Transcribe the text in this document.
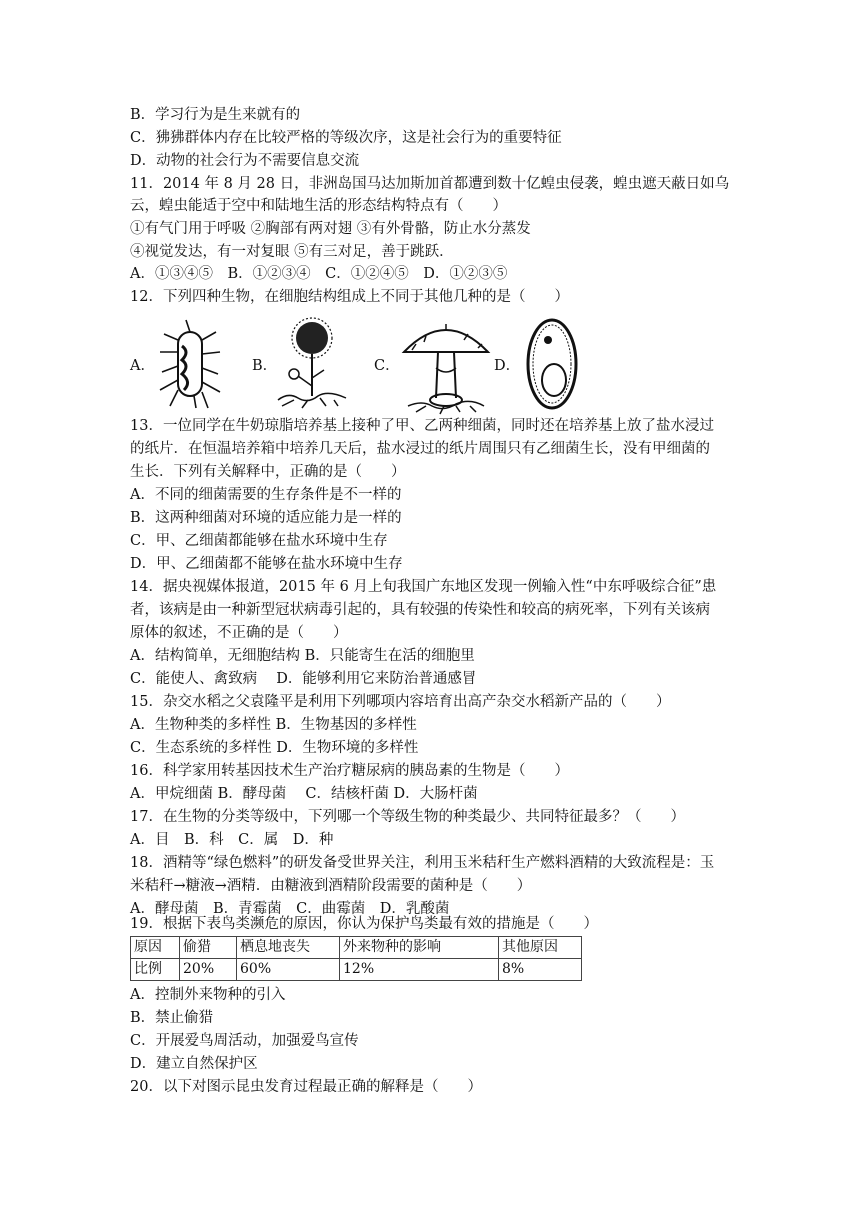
B．学习行为是生来就有的
C．狒狒群体内存在比较严格的等级次序，这是社会行为的重要特征
D．动物的社会行为不需要信息交流
11．2014 年 8 月 28 日，非洲岛国马达加斯加首都遭到数十亿蝗虫侵袭，蝗虫遮天蔽日如乌
云，蝗虫能适于空中和陆地生活的形态结构特点有（　　）
①有气门用于呼吸 ②胸部有两对翅 ③有外骨骼，防止水分蒸发
④视觉发达，有一对复眼 ⑤有三对足，善于跳跃．
A．①③④⑤　B．①②③④　C．①②④⑤　D．①②③⑤
12．下列四种生物，在细胞结构组成上不同于其他几种的是（　　）
A．	B．	C．	D．
13．一位同学在牛奶琼脂培养基上接种了甲、乙两种细菌，同时还在培养基上放了盐水浸过
的纸片．在恒温培养箱中培养几天后，盐水浸过的纸片周围只有乙细菌生长，没有甲细菌的
生长．下列有关解释中，正确的是（　　）
A．不同的细菌需要的生存条件是不一样的
B．这两种细菌对环境的适应能力是一样的
C．甲、乙细菌都能够在盐水环境中生存
D．甲、乙细菌都不能够在盐水环境中生存
14．据央视媒体报道，2015 年 6 月上旬我国广东地区发现一例输入性“中东呼吸综合征”患
者，该病是由一种新型冠状病毒引起的，具有较强的传染性和较高的病死率，下列有关该病
原体的叙述，不正确的是（　　）
A．结构简单，无细胞结构 B．只能寄生在活的细胞里
C．能使人、禽致病　 D．能够利用它来防治普通感冒
15．杂交水稻之父袁隆平是利用下列哪项内容培育出高产杂交水稻新产品的（　　）
A．生物种类的多样性 B．生物基因的多样性
C．生态系统的多样性 D．生物环境的多样性
16．科学家用转基因技术生产治疗糖尿病的胰岛素的生物是（　　）
A．甲烷细菌 B．酵母菌　 C．结核杆菌 D．大肠杆菌
17．在生物的分类等级中，下列哪一个等级生物的种类最少、共同特征最多？（　　）
A．目　B．科　C．属　D．种
18．酒精等“绿色燃料”的研发备受世界关注，利用玉米秸秆生产燃料酒精的大致流程是：玉
米秸秆→糖液→酒精．由糖液到酒精阶段需要的菌种是（　　）
A．酵母菌　B．青霉菌　C．曲霉菌　D．乳酸菌
19．根据下表鸟类濒危的原因，你认为保护鸟类最有效的措施是（　　）
原因	偷猎	栖息地丧失	外来物种的影响	其他原因
比例	20%	60%	12%	8%
A．控制外来物种的引入
B．禁止偷猎
C．开展爱鸟周活动，加强爱鸟宣传
D．建立自然保护区
20．以下对图示昆虫发育过程最正确的解释是（　　）
